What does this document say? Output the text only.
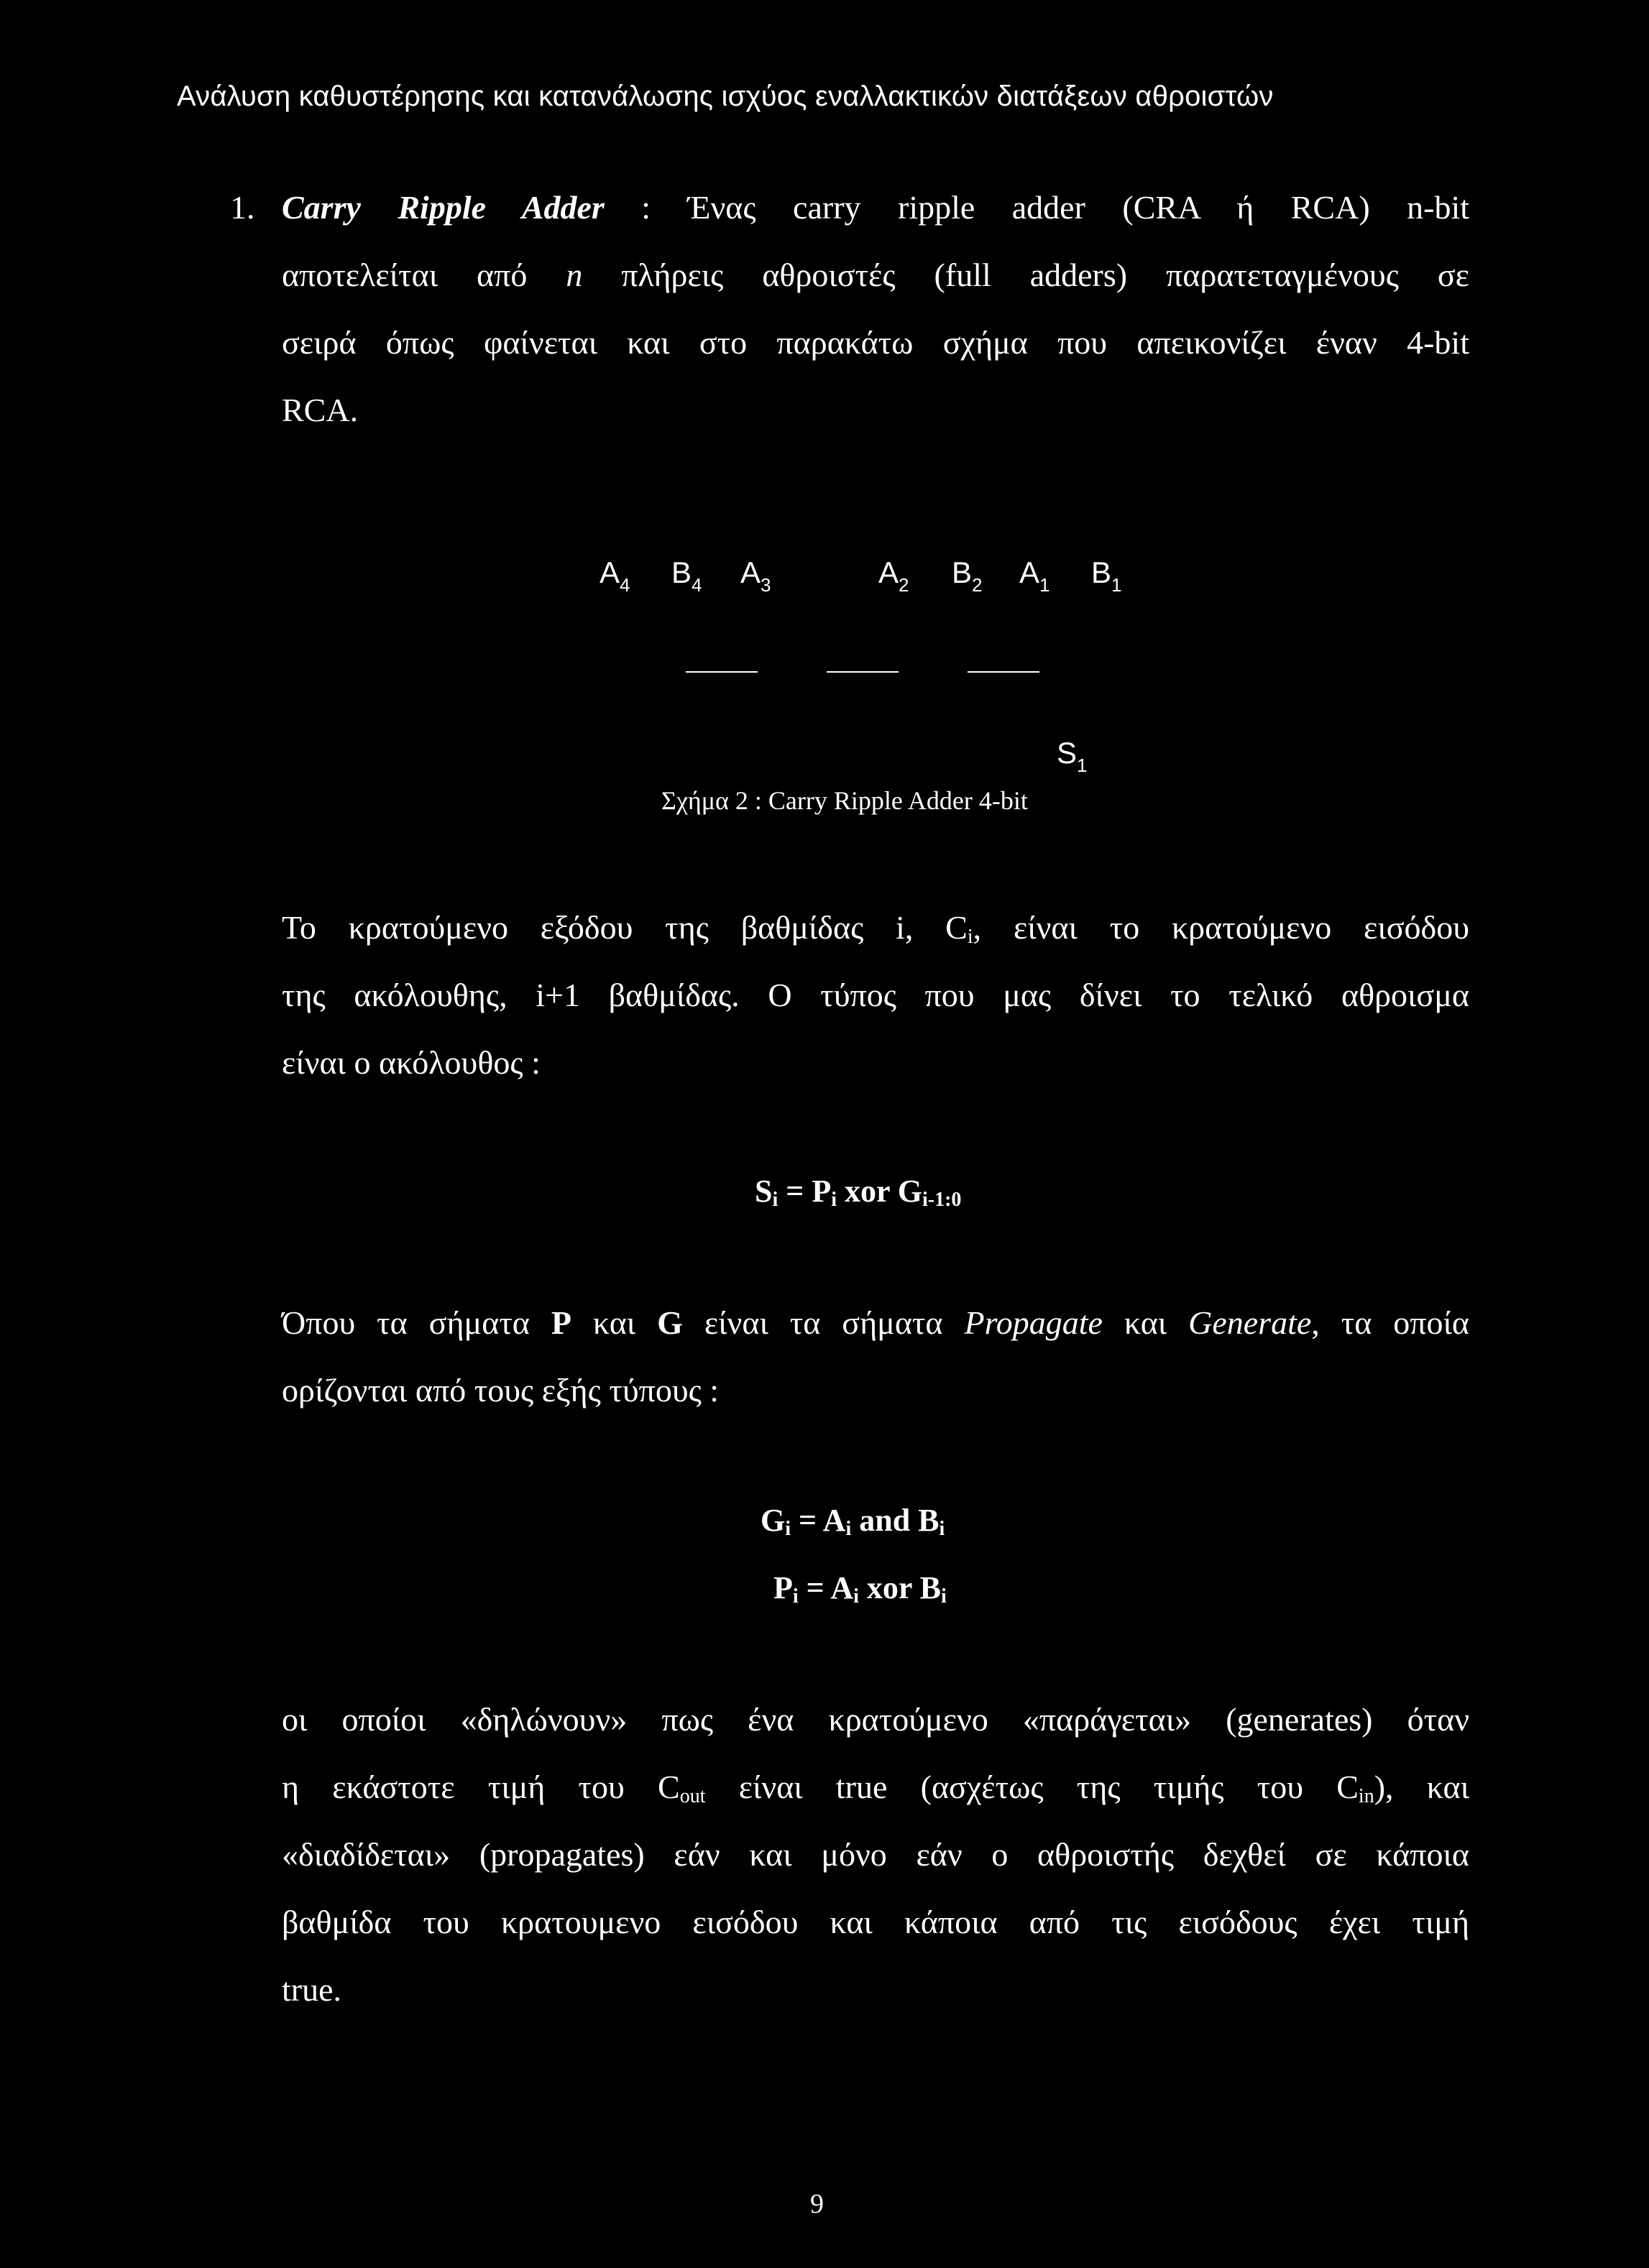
Ανάλυση καθυστέρησης και κατανάλωσης ισχύος εναλλακτικών διατάξεων αθροιστών
1. Carry Ripple Adder : Ένας carry ripple adder (CRA ή RCA) n-bit
αποτελείται από n πλήρεις αθροιστές (full adders) παρατεταγμένους σε
σειρά όπως φαίνεται και στο παρακάτω σχήμα που απεικονίζει έναν 4-bit
RCA.
$A_4$ $B_4$ $A_3$	$A_2$ $B_2$ $A_1$ $B_1$
$S_1$
Σχήμα 2 : Carry Ripple Adder 4-bit
Το κρατούμενο εξόδου της βαθμίδας i, Ci, είναι το κρατούμενο εισόδου
της ακόλουθης, i+1 βαθμίδας. Ο τύπος που μας δίνει το τελικό αθροισμα
είναι ο ακόλουθος :
$S_i = P_i$ xor $G_{i-1:0}$
Όπου τα σήματα P και G είναι τα σήματα Propagate και Generate, τα οποία
ορίζονται από τους εξής τύπους :
$G_i = A_i$ and $B_i$
$P_i = A_i$ xor $B_i$
οι οποίοι «δηλώνουν» πως ένα κρατούμενο «παράγεται» (generates) όταν
η εκάστοτε τιμή του Cout είναι true (ασχέτως της τιμής του Cin), και
«διαδίδεται» (propagates) εάν και μόνο εάν ο αθροιστής δεχθεί σε κάποια
βαθμίδα του κρατουμενο εισόδου και κάποια από τις εισόδους έχει τιμή
true.
9
